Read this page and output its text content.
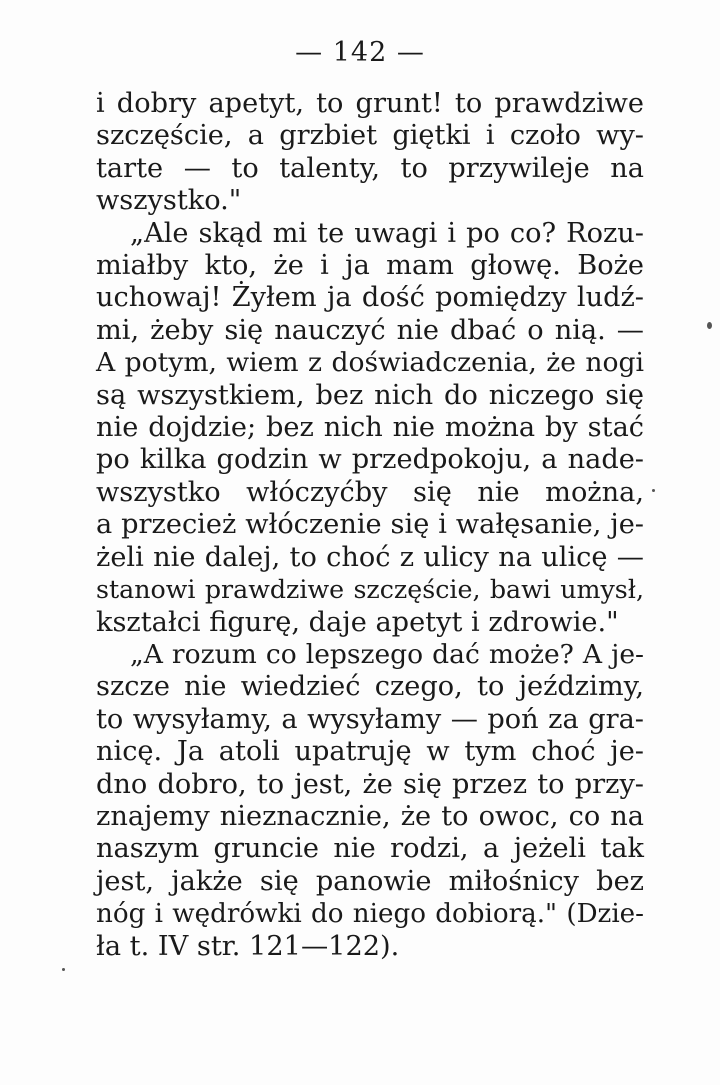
— 142 —
i dobry apetyt, to grunt! to prawdziwe
szczęście, a grzbiet giętki i czoło wy-
tarte — to talenty, to przywileje na
wszystko."
„Ale skąd mi te uwagi i po co? Rozu-
miałby kto, że i ja mam głowę. Boże
uchowaj! Żyłem ja dość pomiędzy ludź-
mi, żeby się nauczyć nie dbać o nią. —
A potym, wiem z doświadczenia, że nogi
są wszystkiem, bez nich do niczego się
nie dojdzie; bez nich nie można by stać
po kilka godzin w przedpokoju, a nade-
wszystko włóczyćby się nie można,
a przecież włóczenie się i wałęsanie, je-
żeli nie dalej, to choć z ulicy na ulicę —
stanowi prawdziwe szczęście, bawi umysł,
kształci figurę, daje apetyt i zdrowie."
„A rozum co lepszego dać może? A je-
szcze nie wiedzieć czego, to jeździmy,
to wysyłamy, a wysyłamy — poń za gra-
nicę. Ja atoli upatruję w tym choć je-
dno dobro, to jest, że się przez to przy-
znajemy nieznacznie, że to owoc, co na
naszym gruncie nie rodzi, a jeżeli tak
jest, jakże się panowie miłośnicy bez
nóg i wędrówki do niego dobiorą." (Dzie-
ła t. IV str. 121—122).
